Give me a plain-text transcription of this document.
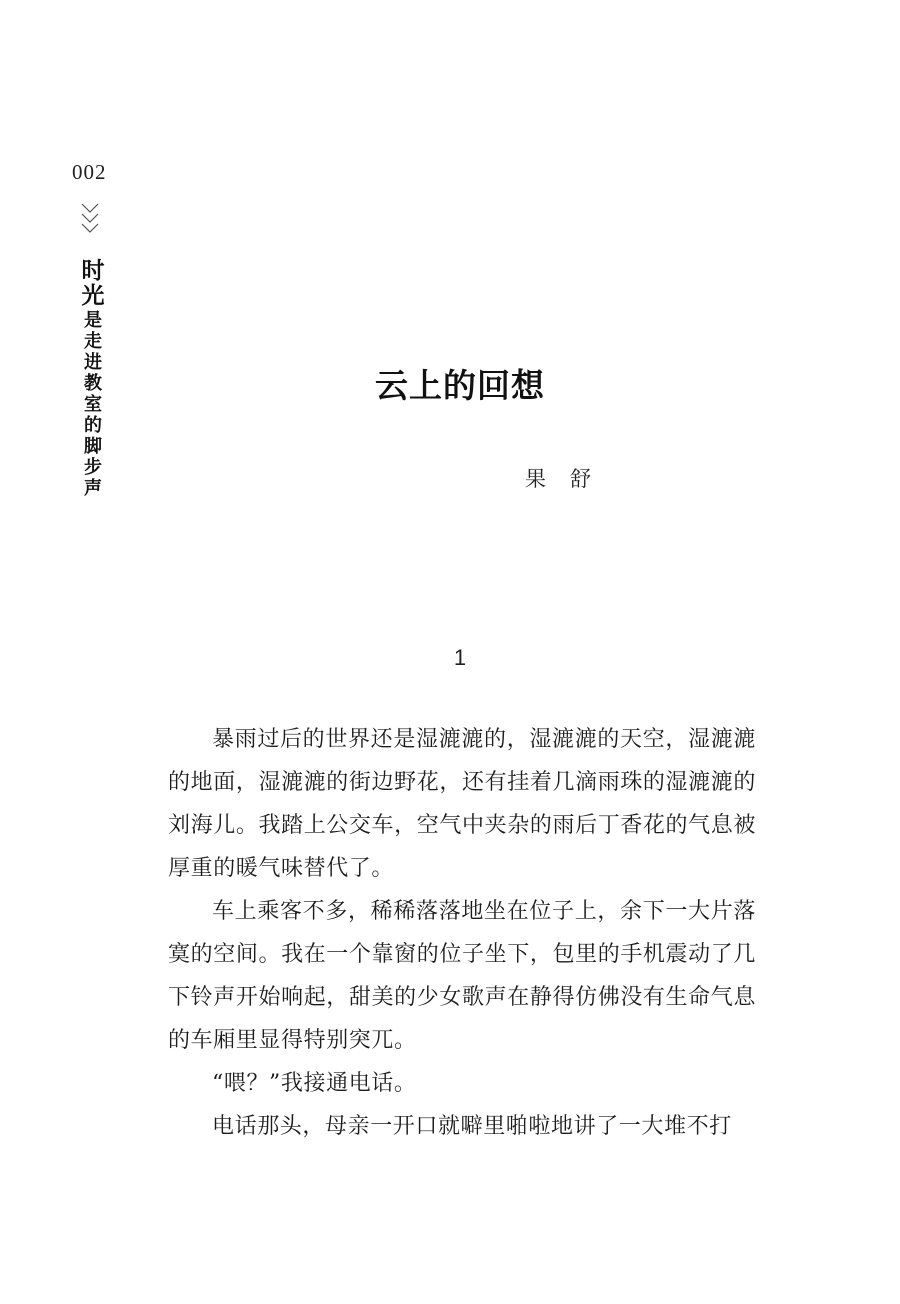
002
时光
是走进教室的脚步声	云上的回想
果舒
1

暴雨过后的世界还是湿漉漉的，湿漉漉的天空，湿漉漉的地面，湿漉漉的街边野花，还有挂着几滴雨珠的湿漉漉的刘海儿。我踏上公交车，空气中夹杂的雨后丁香花的气息被厚重的暖气味替代了。

车上乘客不多，稀稀落落地坐在位子上，余下一大片落寞的空间。我在一个靠窗的位子坐下，包里的手机震动了几下铃声开始响起，甜美的少女歌声在静得仿佛没有生命气息的车厢里显得特别突兀。

“喂？”我接通电话。

电话那头，母亲一开口就噼里啪啦地讲了一大堆不打
